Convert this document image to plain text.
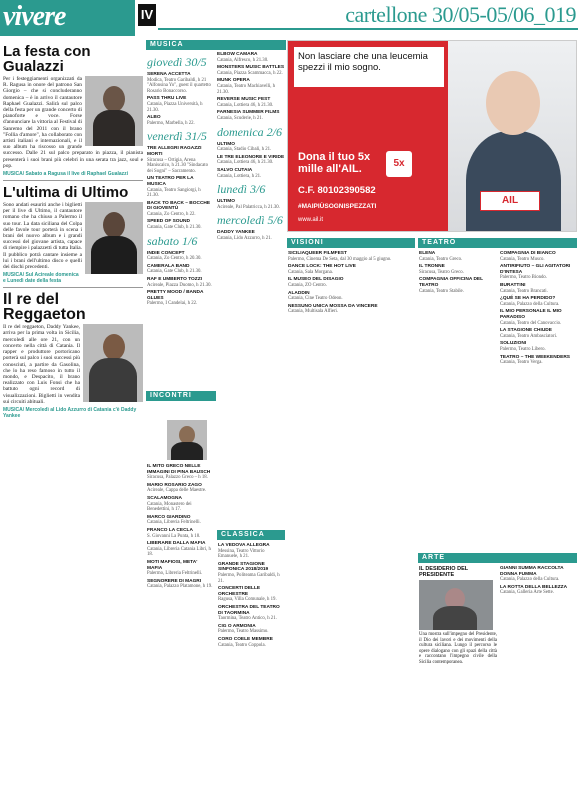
vivere	IV	cartellone 30/05-05/06_019
La festa con Gualazzi

Per i festeggiamenti organizzati da R. Ragusa in onore del patrono San Giorgio – che si concluderanno domenica – è in arrivo il cantautore Raphael Gualazzi. Salirà sul palco della festa per un grande concerto di pianoforte e voce. Forse d'annunciare la vittoria al Festival di Sanremo del 2011 con il brano "Follia d'amore", ha collaborato con artisti italiani e internazionali, e il suo album ha riscosso un grande successo. Dalle 21 sul palco preparato in piazza, il pianista presenterà i suoi brani più celebri in una serata tra jazz, soul e pop.

MUSICA/ Sabato a Ragusa il live di Raphael Gualazzi
L'ultima di Ultimo

Sono andati esauriti anche i biglietti per il live di Ultimo, il cantautore romano che ha chiuso a Palermo il suo tour. La data siciliana del Colpa delle favole tour porterà in scena i brani del nuovo album e i grandi successi del giovane artista, capace di riempire i palazzetti di tutta Italia. Il pubblico potrà cantare insieme a lui i brani dell'ultimo disco e quelli dei dischi precedenti.

MUSICA/ Sul Acireale domenica e Lunedì date della festa
Il re del Reggaeton

Il re del reggaeton, Daddy Yankee, arriva per la prima volta in Sicilia, mercoledì alle ore 21, con un concerto nella città di Catania. Il rapper e produttore portoricano porterà sul palco i suoi successi più conosciuti, a partire da Gasolina, che lo ha reso famoso in tutto il mondo, e Despacito, il brano realizzato con Luis Fonsi che ha battuto ogni record di visualizzazioni. Biglietti in vendita sui circuiti abituali.

MUSICA/ Mercoledì al Lido Azzurro di Catania c'è Daddy Yankee
MUSICA
giovedì 30/5
SERENA ACCETTA
Modica, Teatro Garibaldi, h 21 "Alfonsina Yo", guest il quartetto Rosario Bonaccorso.
PASS THRU LIVE
Catania, Piazza Università, h 21.30.
ALBO
Palermo, Marbella, h 22.
venerdì 31/5
TRE ALLEGRI RAGAZZI MORTI
Siracusa – Ortigia, Arena Maniscalco, h 21.30 "Sindacato dei Sogni" – Sacramento.
UN TEATRO PER LA MUSICA
Catania, Teatro Sangiorgi, h 21.30.
BACK TO BACK – BOCCHE DI GIOVENTÙ
Catania, Zo Centro, h 22.
SPEED OF SOUND
Catania, Gate Club, h 21.30.
sabato 1/6
INDIE CONCEPT
Catania, Zo Centro, h 20.30.
CAMERALA BAND
Catania, Gate Club, h 21.30.
RAF E UMBERTO TOZZI
Acireale, Piazza Duomo, h 21.30.
PRETTY MOOD / BANDA GLUES
Palermo, I Candelai, h 22.
ELBOW CAMARA
Catania, Alfresco, h 21.30.
MONSTERS MUSIC BATTLES
Catania, Piazza Scammacca, h 22.
MUNK OPERA
Catania, Teatro Machiavelli, h 21.30.
REVERSE MUSIC FEST
Catania, Lottiera 46, h 21.30.
FARNESIA SUMMER FILMS
Catania, Scuderie, h 21.
domenica 2/6
ULTIMO
Catania, Stadio Cibali, h 21.
LE TRE ELEONORE E VIRIDE
Catania, Lottiera 46, h 21.30.
SALVO CUTAIA
Catania, Lottiera, h 21.
lunedì 3/6
ULTIMO
Acireale, Pal Palatricca, h 21.30.
mercoledì 5/6
DADDY YANKEE
Catania, Lido Azzurro, h 21.
INCONTRI
IL MITO GRECO NELLE IMMAGINI DI PINA BAUSCH
Siracusa, Palazzo Greco – h 18.
MARIO ROSARIO ZAGO
Acireale, Cappa delle Maestre.
SCALAMOGNA
Catania, Monastero dei Benedettini, h 17.
MARCO GIARDINO
Catania, Libreria Feltrinelli.
FRANCO LA CECLA
S. Giovanni La Punta, h 18.
LIBERARE DALLA MAFIA
Catania, Libreria Catania Libri, h 18.
MOTI MAFIOSI, META' MAFIA
Palermo, Libreria Feltrinelli.
SEGNORERE DI MAGRI
Catania, Palazzo Platamone, h 19.
CLASSICA
LA VEDOVA ALLEGRA
Messina, Teatro Vittorio Emanuele, h 21.
GRANDE STAGIONE SINFONICA 2018/2019
Palermo, Politeama Garibaldi, h 21.
CONCERTI DELLE ORCHESTRE
Ragusa, Villa Comunale, h 19.
ORCHESTRA DEL TEATRO DI TAORMINA
Taormina, Teatro Antico, h 21.
CIG O ARMONIA
Palermo, Teatro Massimo.
CORO COELE MEMBRE
Catania, Teatro Coppola.
Non lasciare che una leucemia spezzi il mio sogno.
Dona il tuo 5x mille all'AIL.	5x
C.F. 80102390582
#MAIPIÙSOGNISPEZZATI
www.ail.it
AIL
VISIONI
SICILIAQUEER FILMFEST
Palermo, Cinema De Seta, dal 30 maggio al 5 giugno.
DANCE LOCK: THE HOT LIVE
Catania, Sala Morgana.
IL MUSEO DEL DISAGIO
Catania, ZO Centro.
ALADDIN
Catania, Cine Teatro Odeon.
NESSUNO UNICA MOSSA DA VINCERE
Catania, Multisala Alfieri.
TEATRO
ELENA
Catania, Teatro Greco.
IL TRONNE
Siracusa, Teatro Greco.
COMPAGNIA OFFICINA DEL TEATRO
Catania, Teatro Stabile.
COMPAGNIA DI BIANCO
Catania, Teatro Musco.
ANTIRIFIUTO – GLI AGITATORI D'INTESA
Palermo, Teatro Biondo.
BURATTINI
Catania, Teatro Brancati.
¿QUÉ SE HA PERDIDO?
Catania, Palazzo della Cultura.
IL MIO PERSONALE IL MIO PARADISO
Catania, Teatro del Canovaccio.
LA STAGIONE CHIUDE
Catania, Teatro Ambasciatori.
SOLUZIONI
Palermo, Teatro Libero.
TEATRO – THE WEEKENDERS
Catania, Teatro Verga.
ARTE
IL DESIDERIO DEL PRESIDENTE
Una mostra sull'impegno del Presidente, il Dio dei lavori e dei movimenti della cultura siciliana. Lungo il percorso le opere dialogano con gli spazi della città e raccontano l'impegno civile della Sicilia contemporanea.
GIANNI SUMMA RACCOLTA DONNA FUMMA
Catania, Palazzo della Cultura.
LA ROTTA DELLA BELLEZZA
Catania, Galleria Arte Sette.
